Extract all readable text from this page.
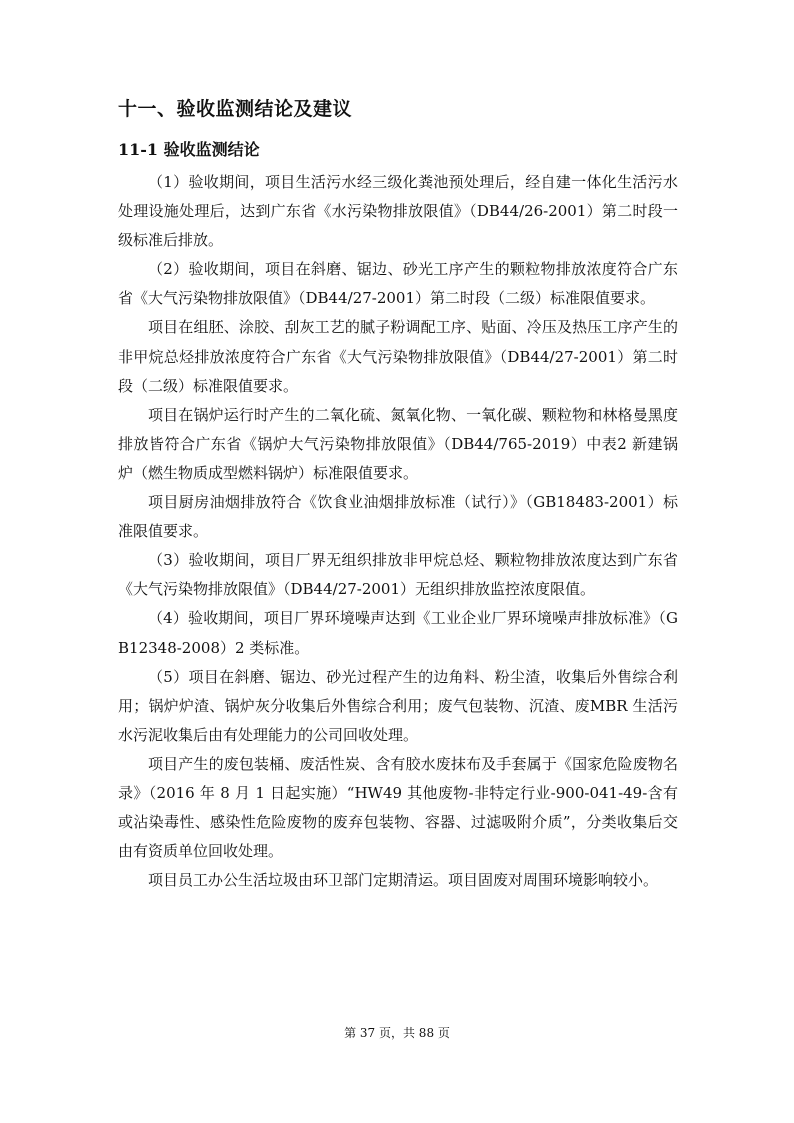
十一、验收监测结论及建议
11-1 验收监测结论

（1）验收期间，项目生活污水经三级化粪池预处理后，经自建一体化生活污水处理设施处理后，达到广东省《水污染物排放限值》（DB44/26-2001）第二时段一级标准后排放。

（2）验收期间，项目在斜磨、锯边、砂光工序产生的颗粒物排放浓度符合广东省《大气污染物排放限值》（DB44/27-2001）第二时段（二级）标准限值要求。

项目在组胚、涂胶、刮灰工艺的腻子粉调配工序、贴面、冷压及热压工序产生的非甲烷总烃排放浓度符合广东省《大气污染物排放限值》（DB44/27-2001）第二时段（二级）标准限值要求。

项目在锅炉运行时产生的二氧化硫、氮氧化物、一氧化碳、颗粒物和林格曼黑度排放皆符合广东省《锅炉大气污染物排放限值》（DB44/765-2019）中表2 新建锅炉（燃生物质成型燃料锅炉）标准限值要求。

项目厨房油烟排放符合《饮食业油烟排放标准（试行）》（GB18483-2001）标准限值要求。

（3）验收期间，项目厂界无组织排放非甲烷总烃、颗粒物排放浓度达到广东省《大气污染物排放限值》（DB44/27-2001）无组织排放监控浓度限值。

（4）验收期间，项目厂界环境噪声达到《工业企业厂界环境噪声排放标准》（GB12348-2008）2 类标准。

（5）项目在斜磨、锯边、砂光过程产生的边角料、粉尘渣，收集后外售综合利用；锅炉炉渣、锅炉灰分收集后外售综合利用；废气包装物、沉渣、废MBR 生活污水污泥收集后由有处理能力的公司回收处理。

项目产生的废包装桶、废活性炭、含有胶水废抹布及手套属于《国家危险废物名录》（2016 年 8 月 1 日起实施）“HW49 其他废物-非特定行业-900-041-49-含有或沾染毒性、感染性危险废物的废弃包装物、容器、过滤吸附介质”，分类收集后交由有资质单位回收处理。

项目员工办公生活垃圾由环卫部门定期清运。项目固废对周围环境影响较小。

第 37 页，共 88 页
